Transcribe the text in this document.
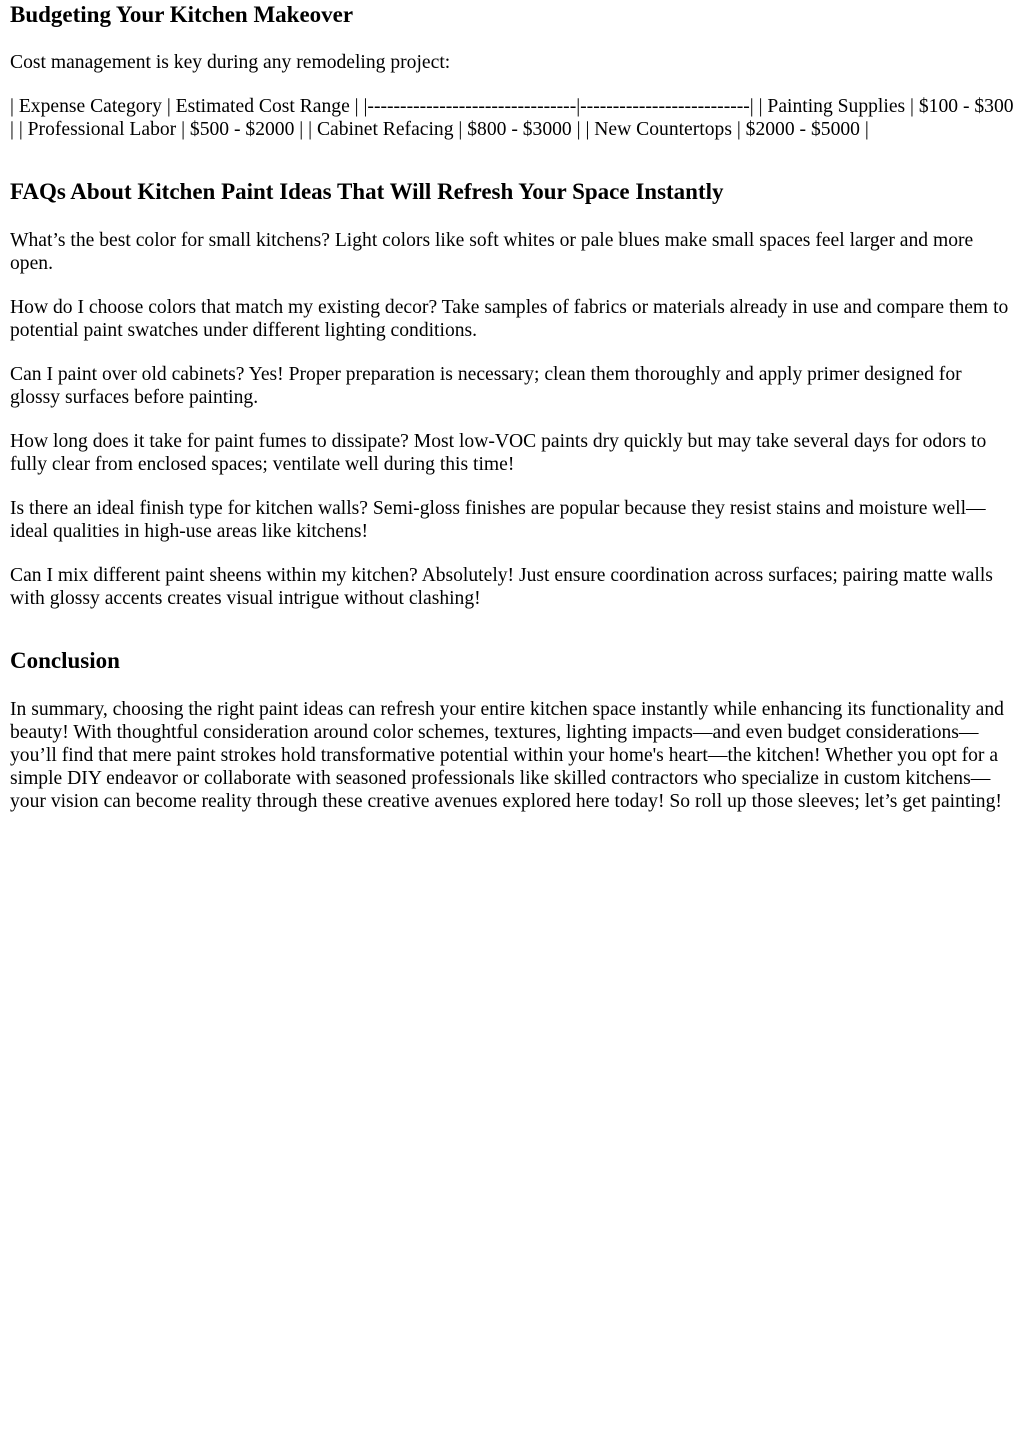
Budgeting Your Kitchen Makeover

Cost management is key during any remodeling project:

| Expense Category | Estimated Cost Range | |--------------------------------|--------------------------| | Painting Supplies | $100 - $300 | | Professional Labor | $500 - $2000 | | Cabinet Refacing | $800 - $3000 | | New Countertops | $2000 - $5000 |

FAQs About Kitchen Paint Ideas That Will Refresh Your Space Instantly

What’s the best color for small kitchens? Light colors like soft whites or pale blues make small spaces feel larger and more open.

How do I choose colors that match my existing decor? Take samples of fabrics or materials already in use and compare them to potential paint swatches under different lighting conditions.

Can I paint over old cabinets? Yes! Proper preparation is necessary; clean them thoroughly and apply primer designed for glossy surfaces before painting.

How long does it take for paint fumes to dissipate? Most low-VOC paints dry quickly but may take several days for odors to fully clear from enclosed spaces; ventilate well during this time!

Is there an ideal finish type for kitchen walls? Semi-gloss finishes are popular because they resist stains and moisture well—ideal qualities in high-use areas like kitchens!

Can I mix different paint sheens within my kitchen? Absolutely! Just ensure coordination across surfaces; pairing matte walls with glossy accents creates visual intrigue without clashing!

Conclusion

In summary, choosing the right paint ideas can refresh your entire kitchen space instantly while enhancing its functionality and beauty! With thoughtful consideration around color schemes, textures, lighting impacts—and even budget considerations—you’ll find that mere paint strokes hold transformative potential within your home's heart—the kitchen! Whether you opt for a simple DIY endeavor or collaborate with seasoned professionals like skilled contractors who specialize in custom kitchens—your vision can become reality through these creative avenues explored here today! So roll up those sleeves; let’s get painting!
